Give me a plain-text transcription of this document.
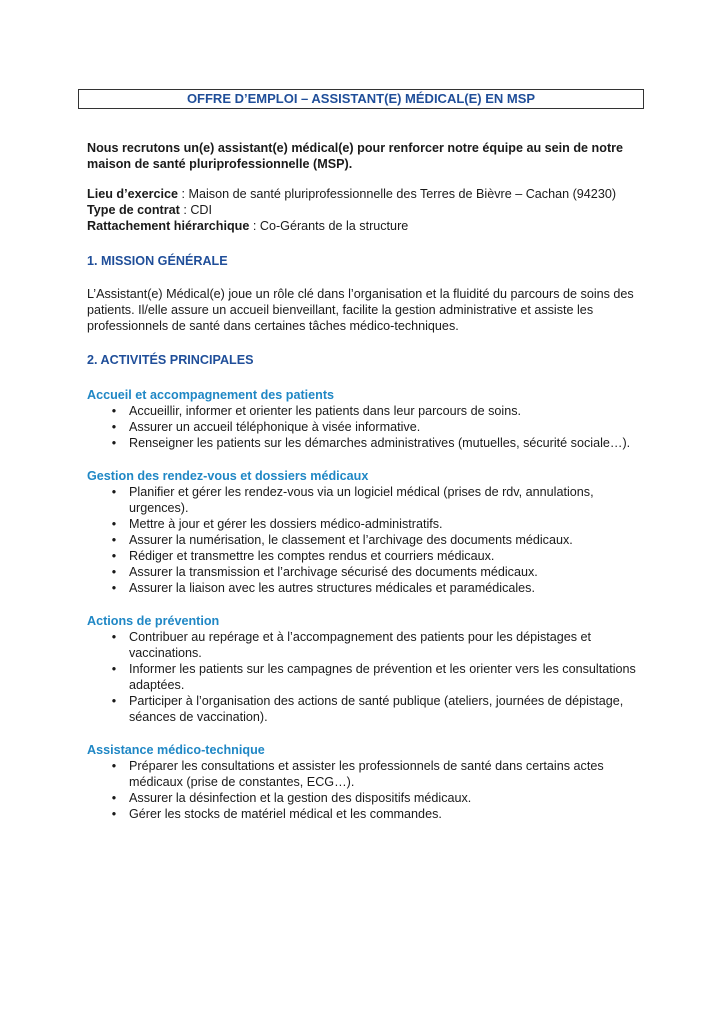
OFFRE D’EMPLOI – ASSISTANT(E) MÉDICAL(E) EN MSP

Nous recrutons un(e) assistant(e) médical(e) pour renforcer notre équipe au sein de notre maison de santé pluriprofessionnelle (MSP).

Lieu d’exercice : Maison de santé pluriprofessionnelle des Terres de Bièvre – Cachan (94230)

Type de contrat : CDI

Rattachement hiérarchique : Co-Gérants de la structure

1. MISSION GÉNÉRALE

L’Assistant(e) Médical(e) joue un rôle clé dans l’organisation et la fluidité du parcours de soins des patients. Il/elle assure un accueil bienveillant, facilite la gestion administrative et assiste les professionnels de santé dans certaines tâches médico-techniques.

2. ACTIVITÉS PRINCIPALES

Accueil et accompagnement des patients

• Accueillir, informer et orienter les patients dans leur parcours de soins.
• Assurer un accueil téléphonique à visée informative.
• Renseigner les patients sur les démarches administratives (mutuelles, sécurité sociale…).

Gestion des rendez-vous et dossiers médicaux

• Planifier et gérer les rendez-vous via un logiciel médical (prises de rdv, annulations, urgences).
• Mettre à jour et gérer les dossiers médico-administratifs.
• Assurer la numérisation, le classement et l’archivage des documents médicaux.
• Rédiger et transmettre les comptes rendus et courriers médicaux.
• Assurer la transmission et l’archivage sécurisé des documents médicaux.
• Assurer la liaison avec les autres structures médicales et paramédicales.

Actions de prévention

• Contribuer au repérage et à l’accompagnement des patients pour les dépistages et vaccinations.
• Informer les patients sur les campagnes de prévention et les orienter vers les consultations adaptées.
• Participer à l’organisation des actions de santé publique (ateliers, journées de dépistage, séances de vaccination).

Assistance médico-technique

• Préparer les consultations et assister les professionnels de santé dans certains actes médicaux (prise de constantes, ECG…).
• Assurer la désinfection et la gestion des dispositifs médicaux.
• Gérer les stocks de matériel médical et les commandes.
